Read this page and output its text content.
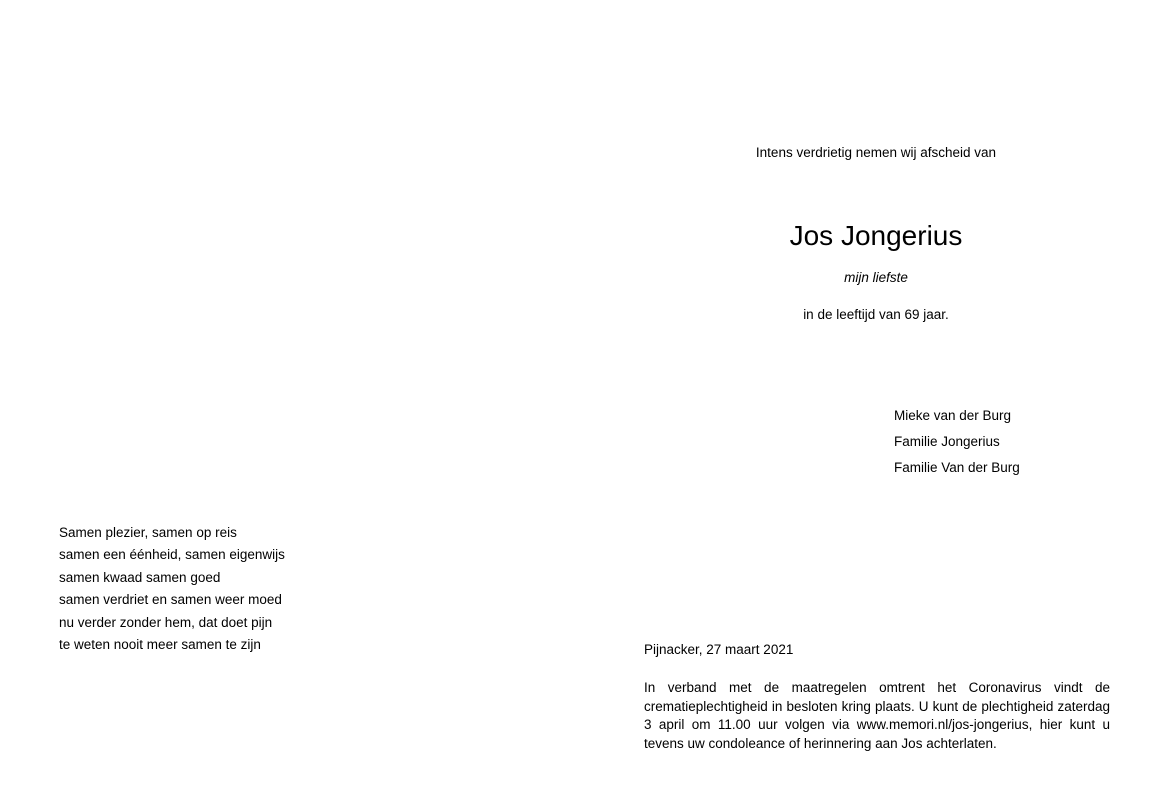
Intens verdrietig nemen wij afscheid van
Jos Jongerius
mijn liefste
in de leeftijd van 69 jaar.
Mieke van der Burg
Familie Jongerius
Familie Van der Burg
Samen plezier, samen op reis
samen een éénheid, samen eigenwijs
samen kwaad samen goed
samen verdriet en samen weer moed
nu verder zonder hem, dat doet pijn
te weten nooit meer samen te zijn	Pijnacker, 27 maart 2021
In verband met de maatregelen omtrent het Coronavirus vindt de crematieplechtigheid in besloten kring plaats. U kunt de plechtigheid zaterdag 3 april om 11.00 uur volgen via www.memori.nl/jos-jongerius, hier kunt u tevens uw condoleance of herinnering aan Jos achterlaten.
